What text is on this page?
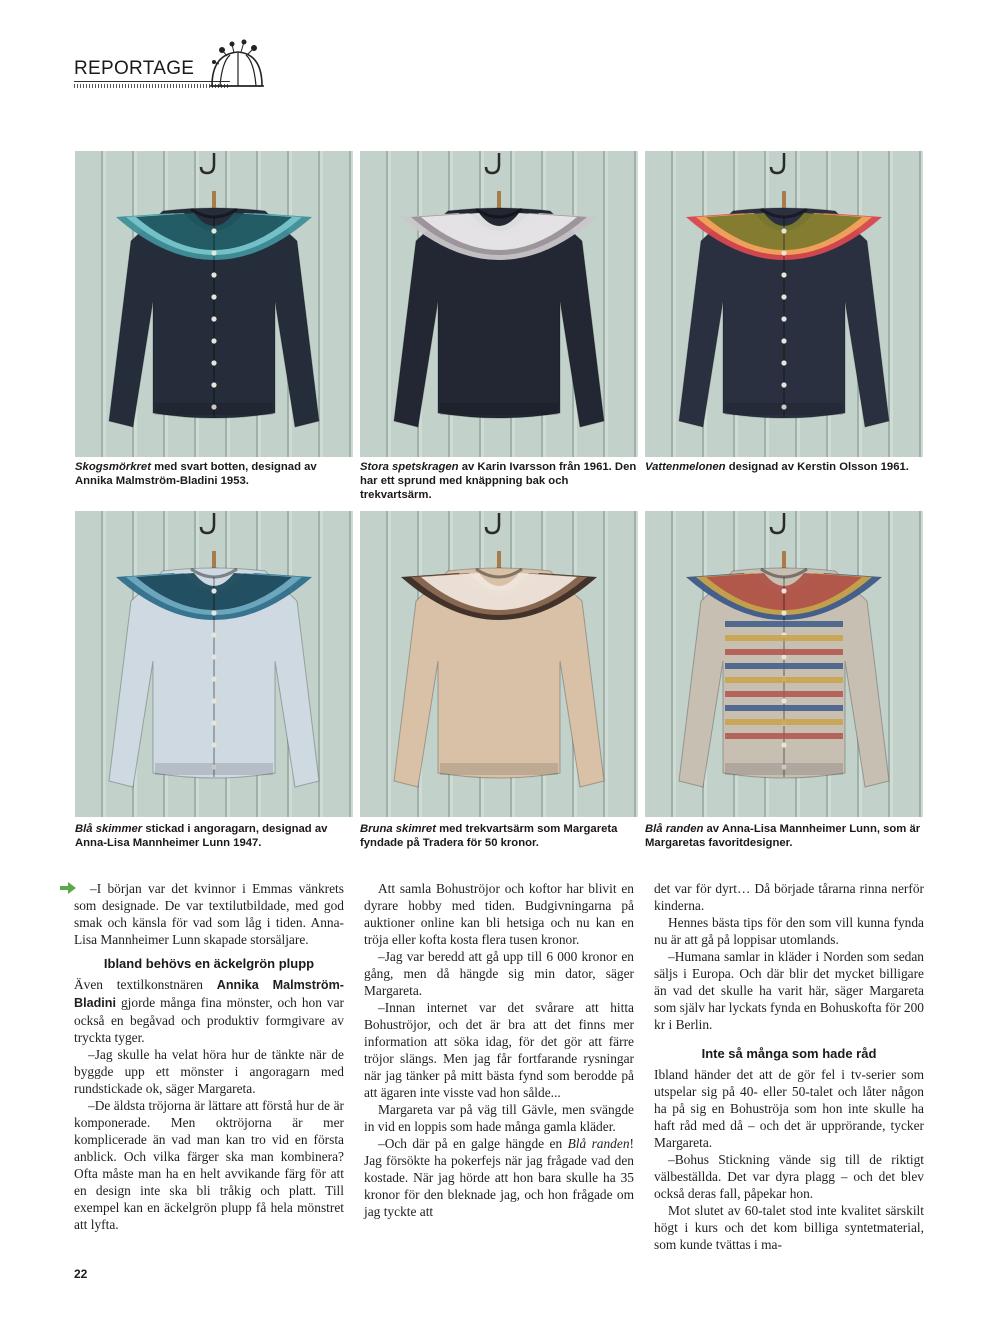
REPORTAGE
Skogsmörkret med svart botten, designad av Annika Malmström-Bladini 1953.
Stora spetskragen av Karin Ivarsson från 1961. Den har ett sprund med knäppning bak och trekvartsärm.
Vattenmelonen designad av Kerstin Olsson 1961.
Blå skimmer stickad i angoragarn, designad av Anna-Lisa Mannheimer Lunn 1947.
Bruna skimret med trekvartsärm som Margareta fyndade på Tradera för 50 kronor.
Blå randen av Anna-Lisa Mannheimer Lunn, som är Margaretas favoritdesigner.

–I början var det kvinnor i Emmas vänkrets som designade. De var textilutbildade, med god smak och känsla för vad som låg i tiden. Anna-Lisa Mannheimer Lunn skapade storsäljare.

Ibland behövs en äckelgrön plupp

Även textilkonstnären Annika Malmström-Bladini gjorde många fina mönster, och hon var också en begåvad och produktiv formgivare av tryckta tyger.

–Jag skulle ha velat höra hur de tänkte när de byggde upp ett mönster i angoragarn med rundstickade ok, säger Margareta.

–De äldsta tröjorna är lättare att förstå hur de är komponerade. Men oktröjorna är mer komplicerade än vad man kan tro vid en första anblick. Och vilka färger ska man kombinera? Ofta måste man ha en helt avvikande färg för att en design inte ska bli tråkig och platt. Till exempel kan en äckelgrön plupp få hela mönstret att lyfta.

Att samla Bohuströjor och koftor har blivit en dyrare hobby med tiden. Budgivningarna på auktioner online kan bli hetsiga och nu kan en tröja eller kofta kosta flera tusen kronor.

–Jag var beredd att gå upp till 6 000 kronor en gång, men då hängde sig min dator, säger Margareta.

–Innan internet var det svårare att hitta Bohuströjor, och det är bra att det finns mer information att söka idag, för det gör att färre tröjor slängs. Men jag får fortfarande rysningar när jag tänker på mitt bästa fynd som berodde på att ägaren inte visste vad hon sålde...

Margareta var på väg till Gävle, men svängde in vid en loppis som hade många gamla kläder.

–Och där på en galge hängde en Blå randen! Jag försökte ha pokerfejs när jag frågade vad den kostade. När jag hörde att hon bara skulle ha 35 kronor för den bleknade jag, och hon frågade om jag tyckte att

det var för dyrt… Då började tårarna rinna nerför kinderna.

Hennes bästa tips för den som vill kunna fynda nu är att gå på loppisar utomlands.

–Humana samlar in kläder i Norden som sedan säljs i Europa. Och där blir det mycket billigare än vad det skulle ha varit här, säger Margareta som själv har lyckats fynda en Bohuskofta för 200 kr i Berlin.

Inte så många som hade råd

Ibland händer det att de gör fel i tv-serier som utspelar sig på 40- eller 50-talet och låter någon ha på sig en Bohuströja som hon inte skulle ha haft råd med då – och det är upprörande, tycker Margareta.

–Bohus Stickning vände sig till de riktigt välbeställda. Det var dyra plagg – och det blev också deras fall, påpekar hon.

Mot slutet av 60-talet stod inte kvalitet särskilt högt i kurs och det kom billiga syntetmaterial, som kunde tvättas i ma-

22
